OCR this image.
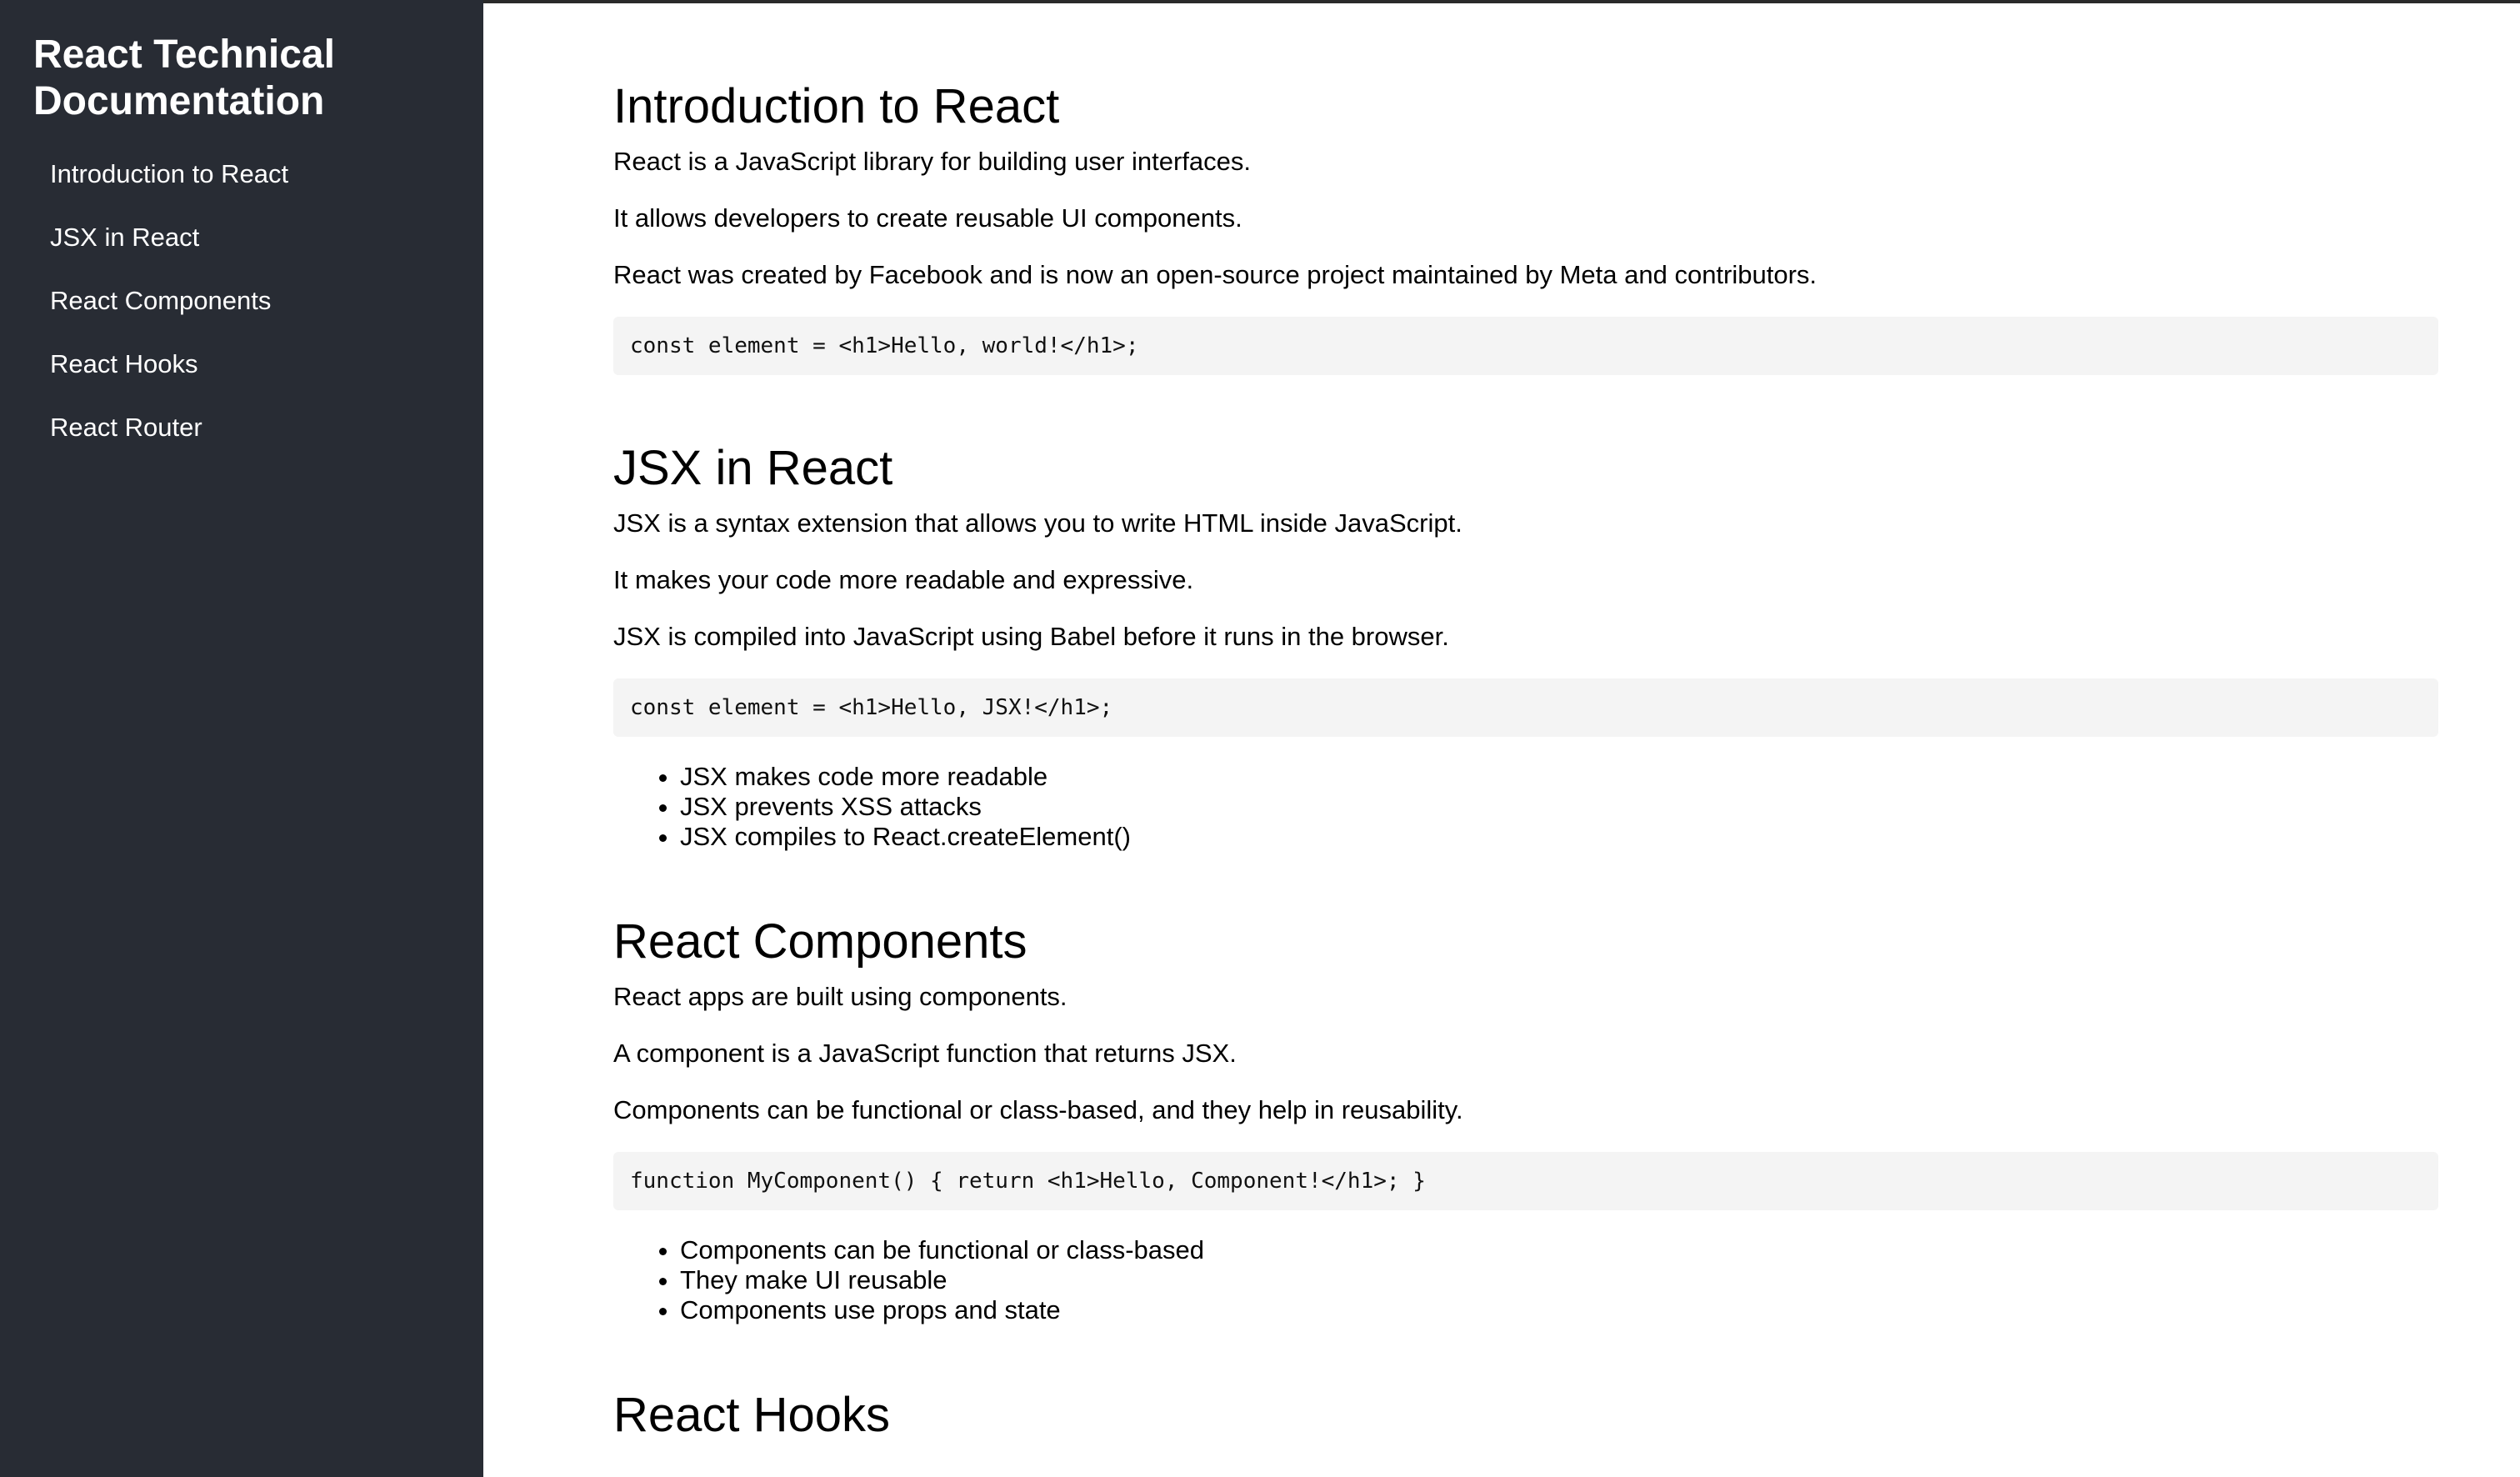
React Technical Documentation
Introduction to React
JSX in React
React Components
React Hooks
React Router
Introduction to React

React is a JavaScript library for building user interfaces.

It allows developers to create reusable UI components.

React was created by Facebook and is now an open-source project maintained by Meta and contributors.

const element = <h1>Hello, world!</h1>;
JSX in React

JSX is a syntax extension that allows you to write HTML inside JavaScript.

It makes your code more readable and expressive.

JSX is compiled into JavaScript using Babel before it runs in the browser.

const element = <h1>Hello, JSX!</h1>;
• JSX makes code more readable
• JSX prevents XSS attacks
• JSX compiles to React.createElement()
React Components

React apps are built using components.

A component is a JavaScript function that returns JSX.

Components can be functional or class-based, and they help in reusability.

function MyComponent() { return <h1>Hello, Component!</h1>; }
• Components can be functional or class-based
• They make UI reusable
• Components use props and state
React Hooks
